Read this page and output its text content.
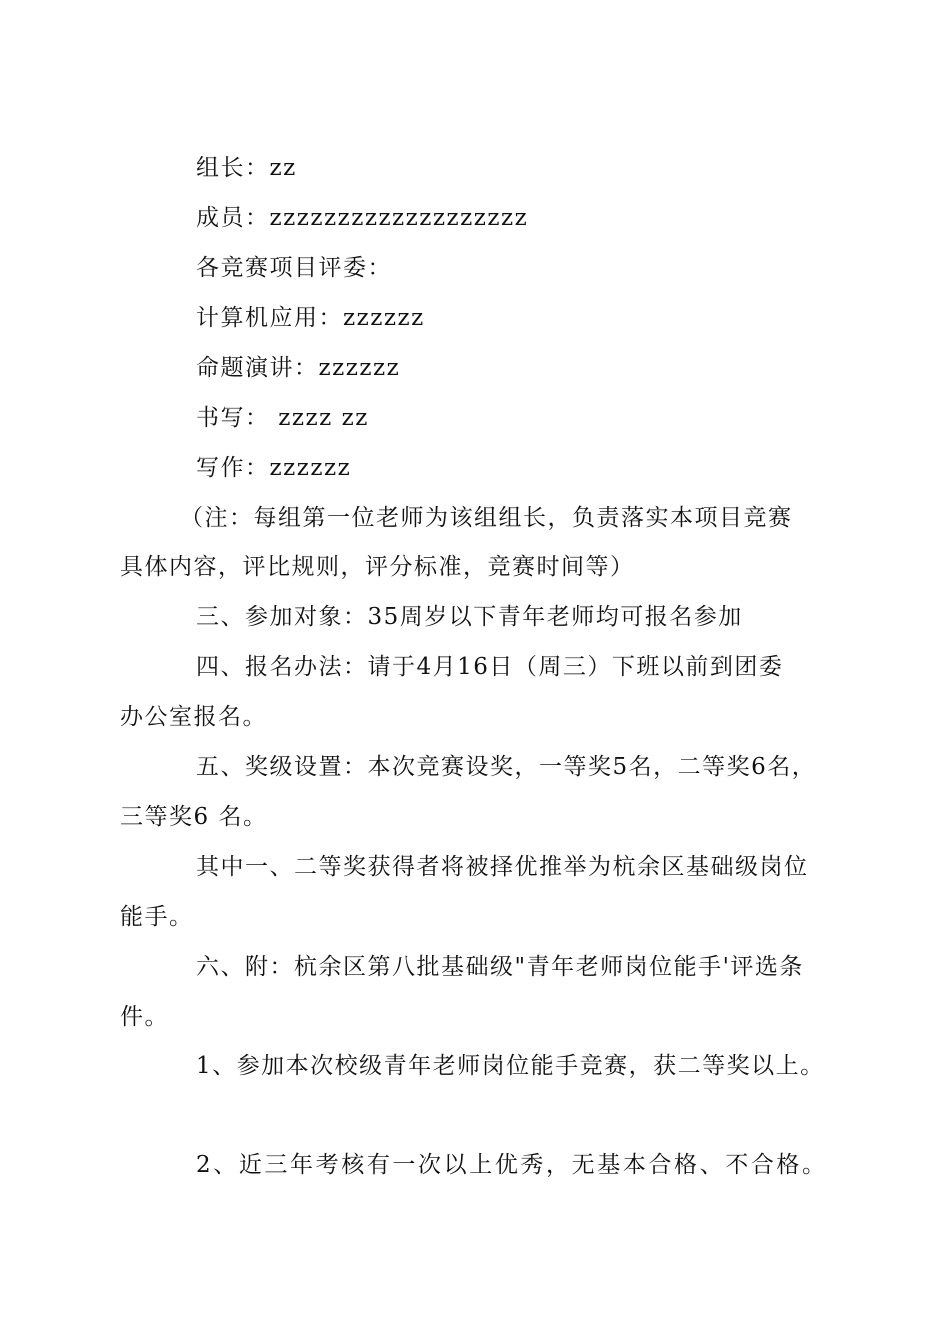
组长：zz
成员：zzzzzzzzzzzzzzzzzzz
各竞赛项目评委：
计算机应用：zzzzzz
命题演讲：zzzzzz
书写： zzzz zz
写作：zzzzzz
（注：每组第一位老师为该组组长，负责落实本项目竞赛
具体内容，评比规则，评分标准，竞赛时间等）
三、参加对象：35周岁以下青年老师均可报名参加
四、报名办法：请于4月16日（周三）下班以前到团委
办公室报名。
五、奖级设置：本次竞赛设奖，一等奖5名，二等奖6名，
三等奖6 名。
其中一、二等奖获得者将被择优推举为杭余区基础级岗位
能手。
六、附：杭余区第八批基础级"青年老师岗位能手'评选条
件。
1、参加本次校级青年老师岗位能手竞赛，获二等奖以上。
2、近三年考核有一次以上优秀，无基本合格、不合格。
